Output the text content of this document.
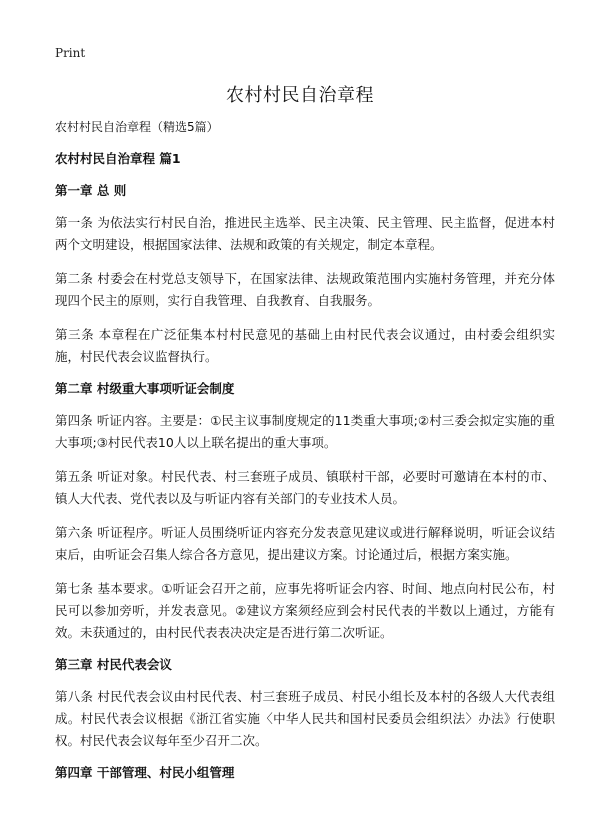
Print
农村村民自治章程

农村村民自治章程（精选5篇）

农村村民自治章程 篇1

第一章 总 则

第一条 为依法实行村民自治，推进民主选举、民主决策、民主管理、民主监督，促进本村两个文明建设，根据国家法律、法规和政策的有关规定，制定本章程。

第二条 村委会在村党总支领导下，在国家法律、法规政策范围内实施村务管理，并充分体现四个民主的原则，实行自我管理、自我教育、自我服务。

第三条 本章程在广泛征集本村村民意见的基础上由村民代表会议通过，由村委会组织实施，村民代表会议监督执行。

第二章 村级重大事项听证会制度

第四条 听证内容。主要是：①民主议事制度规定的11类重大事项;②村三委会拟定实施的重大事项;③村民代表10人以上联名提出的重大事项。

第五条 听证对象。村民代表、村三套班子成员、镇联村干部，必要时可邀请在本村的市、镇人大代表、党代表以及与听证内容有关部门的专业技术人员。

第六条 听证程序。听证人员围绕听证内容充分发表意见建议或进行解释说明，听证会议结束后，由听证会召集人综合各方意见，提出建议方案。讨论通过后，根据方案实施。

第七条 基本要求。①听证会召开之前，应事先将听证会内容、时间、地点向村民公布，村民可以参加旁听，并发表意见。②建议方案须经应到会村民代表的半数以上通过，方能有效。未获通过的，由村民代表表决决定是否进行第二次听证。

第三章 村民代表会议

第八条 村民代表会议由村民代表、村三套班子成员、村民小组长及本村的各级人大代表组成。村民代表会议根据《浙江省实施〈中华人民共和国村民委员会组织法〉办法》行使职权。村民代表会议每年至少召开二次。

第四章 干部管理、村民小组管理
